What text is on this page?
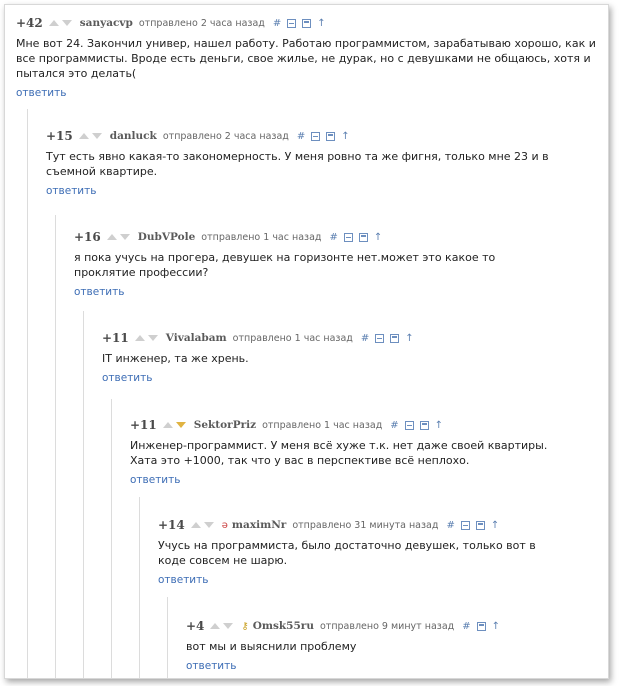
+42	sanyacvp отправлено 2 часа назад #	↑
Мне вот 24. Закончил универ, нашел работу. Работаю программистом, зарабатываю хорошо, как и все программисты. Вроде есть деньги, свое жилье, не дурак, но с девушками не общаюсь, хотя и пытался это делать(
ответить
+15	danluck отправлено 2 часа назад #	↑
Тут есть явно какая-то закономерность. У меня ровно та же фигня, только мне 23 и в съемной квартире.
ответить
+16	DubVPole отправлено 1 час назад #	↑
я пока учусь на прогера, девушек на горизонте нет.может это какое то проклятие профессии?
ответить
+11	Vivalabam отправлено 1 час назад #	↑
IT инженер, та же хрень.
ответить
+11	SektorPriz отправлено 1 час назад #	↑
Инженер-программист. У меня всё хуже т.к. нет даже своей квартиры. Хата это +1000, так что у вас в перспективе всё неплохо.
ответить
+14	ə maximNr отправлено 31 минута назад #	↑
Учусь на программиста, было достаточно девушек, только вот в коде совсем не шарю.
ответить
+4	⚷ Omsk55ru отправлено 9 минут назад # ↑
вот мы и выяснили проблему
ответить
